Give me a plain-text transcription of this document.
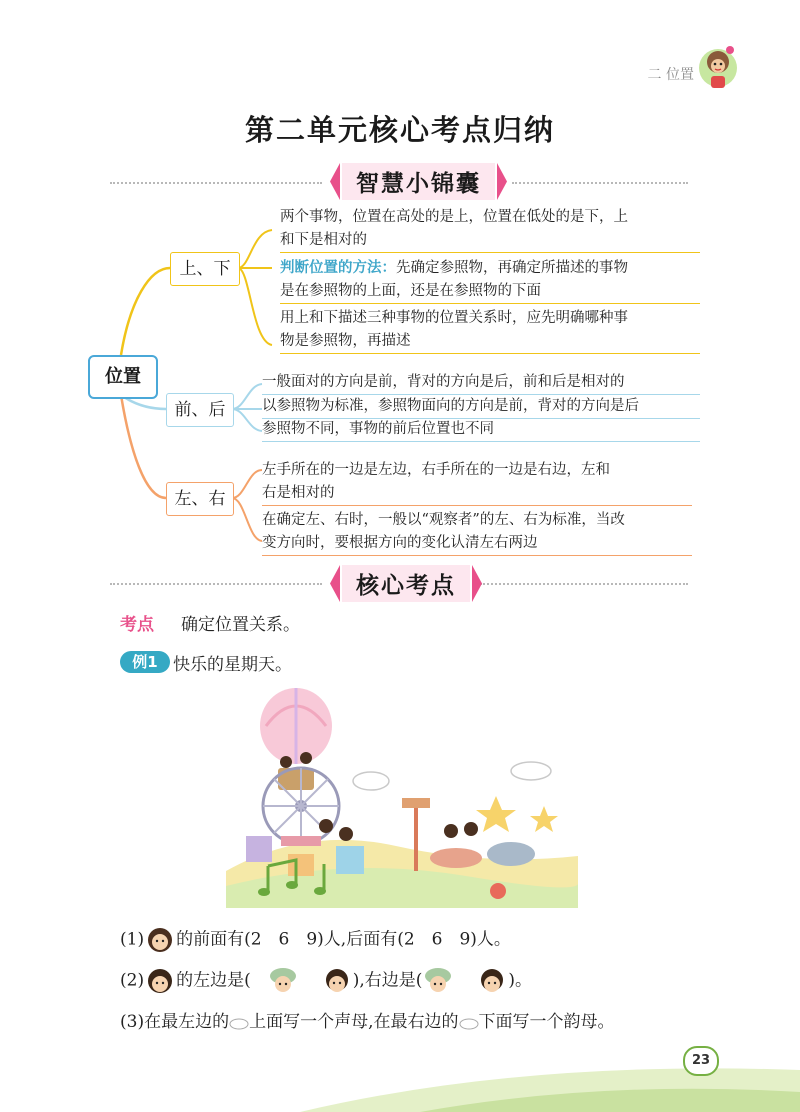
二 位置
第二单元核心考点归纳
智慧小锦囊
位置
上、下
前、后
左、右
两个事物，位置在高处的是上，位置在低处的是下，上
和下是相对的
判断位置的方法：先确定参照物，再确定所描述的事物
是在参照物的上面，还是在参照物的下面
用上和下描述三种事物的位置关系时，应先明确哪种事
物是参照物，再描述
一般面对的方向是前，背对的方向是后，前和后是相对的
以参照物为标准，参照物面向的方向是前，背对的方向是后
参照物不同，事物的前后位置也不同
左手所在的一边是左边，右手所在的一边是右边，左和
右是相对的
在确定左、右时，一般以“观察者”的左、右为标准，当改
变方向时，要根据方向的变化认清左右两边
核心考点
考点 确定位置关系。
例1 快乐的星期天。
(1) 的前面有(2　6　9)人,后面有(2　6　9)人。
(2) 的左边是(	),右边是(	)。
(3)在最左边的 上面写一个声母,在最右边的 下面写一个韵母。
23
